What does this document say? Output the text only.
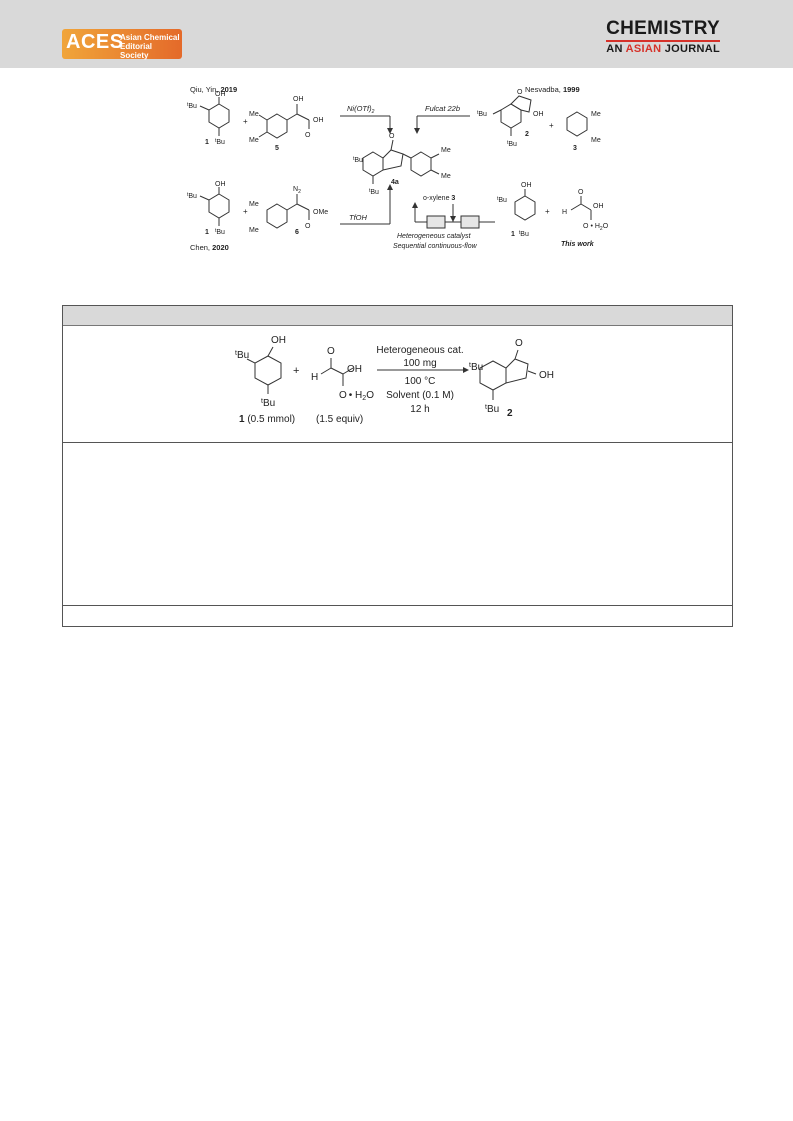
ACES
Asian Chemical
Editorial Society
CHEMISTRY
AN ASIAN JOURNAL
Qiu, Yin, 2019	Nesvadba, 1999
Chen, 2020
$Ni(OTf)_2$	Fulcat 22b
TfOH
OH
$^t$Bu
$^t$Bu
1
+
Me
Me
OH
OH
O
5
O
$^t$Bu
Me
Me
$^t$Bu
4a
O
$^t$Bu	OH
$^t$Bu
2
+
Me
Me
3
OH
$^t$Bu
$^t$Bu
1
+
Me
Me
$N_2$
OMe
O
6
o-xylene 3
Heterogeneous catalyst
Sequential continuous-flow
OH
$^t$Bu
1 $^t$Bu
+ H
O
OH
O • $H_2O$
This work
OH
$^t$Bu
$^t$Bu
+
H
O
OH
O • $H_2O$
1 (0.5 mmol) (1.5 equiv)
Heterogeneous cat.
100 mg
100 °C
Solvent (0.1 M)
12 h
O
$^t$Bu
OH
$^t$Bu 2
